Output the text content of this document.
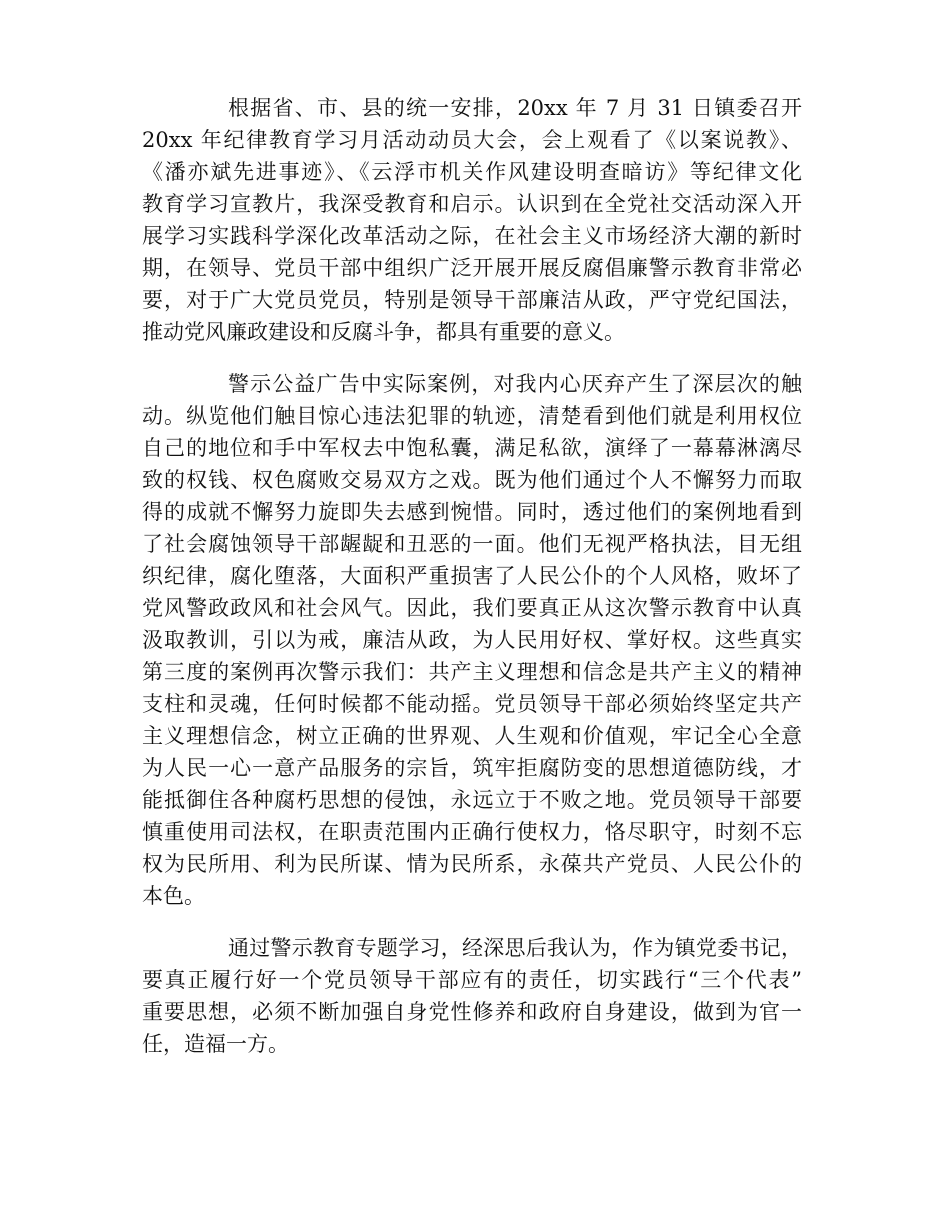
根据省、市、县的统一安排，20xx 年 7 月 31 日镇委召开
20xx 年纪律教育学习月活动动员大会，会上观看了《以案说教》、
《潘亦斌先进事迹》、《云浮市机关作风建设明查暗访》等纪律文化
教育学习宣教片，我深受教育和启示。认识到在全党社交活动深入开
展学习实践科学深化改革活动之际，在社会主义市场经济大潮的新时
期，在领导、党员干部中组织广泛开展开展反腐倡廉警示教育非常必
要，对于广大党员党员，特别是领导干部廉洁从政，严守党纪国法，
推动党风廉政建设和反腐斗争，都具有重要的意义。
警示公益广告中实际案例，对我内心厌弃产生了深层次的触
动。纵览他们触目惊心违法犯罪的轨迹，清楚看到他们就是利用权位
自己的地位和手中军权去中饱私囊，满足私欲，演绎了一幕幕淋漓尽
致的权钱、权色腐败交易双方之戏。既为他们通过个人不懈努力而取
得的成就不懈努力旋即失去感到惋惜。同时，透过他们的案例地看到
了社会腐蚀领导干部龌龊和丑恶的一面。他们无视严格执法，目无组
织纪律，腐化堕落，大面积严重损害了人民公仆的个人风格，败坏了
党风警政政风和社会风气。因此，我们要真正从这次警示教育中认真
汲取教训，引以为戒，廉洁从政，为人民用好权、掌好权。这些真实
第三度的案例再次警示我们：共产主义理想和信念是共产主义的精神
支柱和灵魂，任何时候都不能动摇。党员领导干部必须始终坚定共产
主义理想信念，树立正确的世界观、人生观和价值观，牢记全心全意
为人民一心一意产品服务的宗旨，筑牢拒腐防变的思想道德防线，才
能抵御住各种腐朽思想的侵蚀，永远立于不败之地。党员领导干部要
慎重使用司法权，在职责范围内正确行使权力，恪尽职守，时刻不忘
权为民所用、利为民所谋、情为民所系，永葆共产党员、人民公仆的
本色。
通过警示教育专题学习，经深思后我认为，作为镇党委书记，
要真正履行好一个党员领导干部应有的责任，切实践行“三个代表”
重要思想，必须不断加强自身党性修养和政府自身建设，做到为官一
任，造福一方。
